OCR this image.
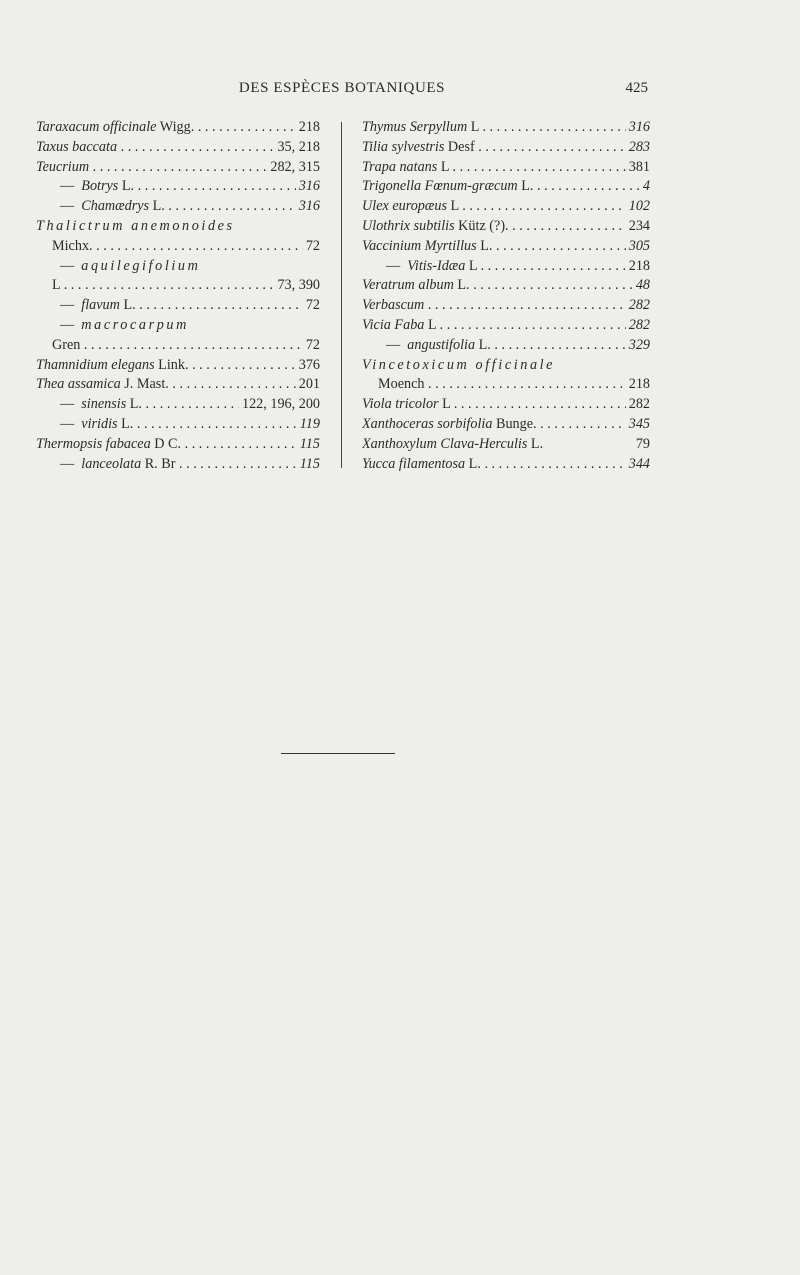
DES ESPÈCES BOTANIQUES	425
Taraxacum officinale Wigg. . . .	218
Taxus baccata . . .	35, 218
Teucrium . . .	282, 315
—  Botrys L. . . .	316
—  Chamædrys L. . . .	316
Thalictrum anemonoides
Michx. . . .	72
—  aquilegifolium
L . . .	73, 390
—  flavum L. . . .	72
—  macrocarpum
Gren . . .	72
Thamnidium elegans Link. . . .	376
Thea assamica J. Mast. . . .	201
—  sinensis L. . . .	122, 196, 200
—  viridis L. . . .	119
Thermopsis fabacea D C. . . .	115
—  lanceolata R. Br . . .	115
Thymus Serpyllum L . . .	316
Tilia sylvestris Desf . . .	283
Trapa natans L . . .	381
Trigonella Fœnum-græcum L. . . .	4
Ulex europæus L . . .	102
Ulothrix subtilis Kütz (?). . . .	234
Vaccinium Myrtillus L. . . .	305
—  Vitis-Idæa L . . .	218
Veratrum album L. . . .	48
Verbascum . . .	282
Vicia Faba L . . .	282
—  angustifolia L. . . .	329
Vincetoxicum officinale
Moench . . .	218
Viola tricolor L . . .	282
Xanthoceras sorbifolia Bunge. . . .	345
Xanthoxylum Clava-Herculis L.	79
Yucca filamentosa L. . . .	344
